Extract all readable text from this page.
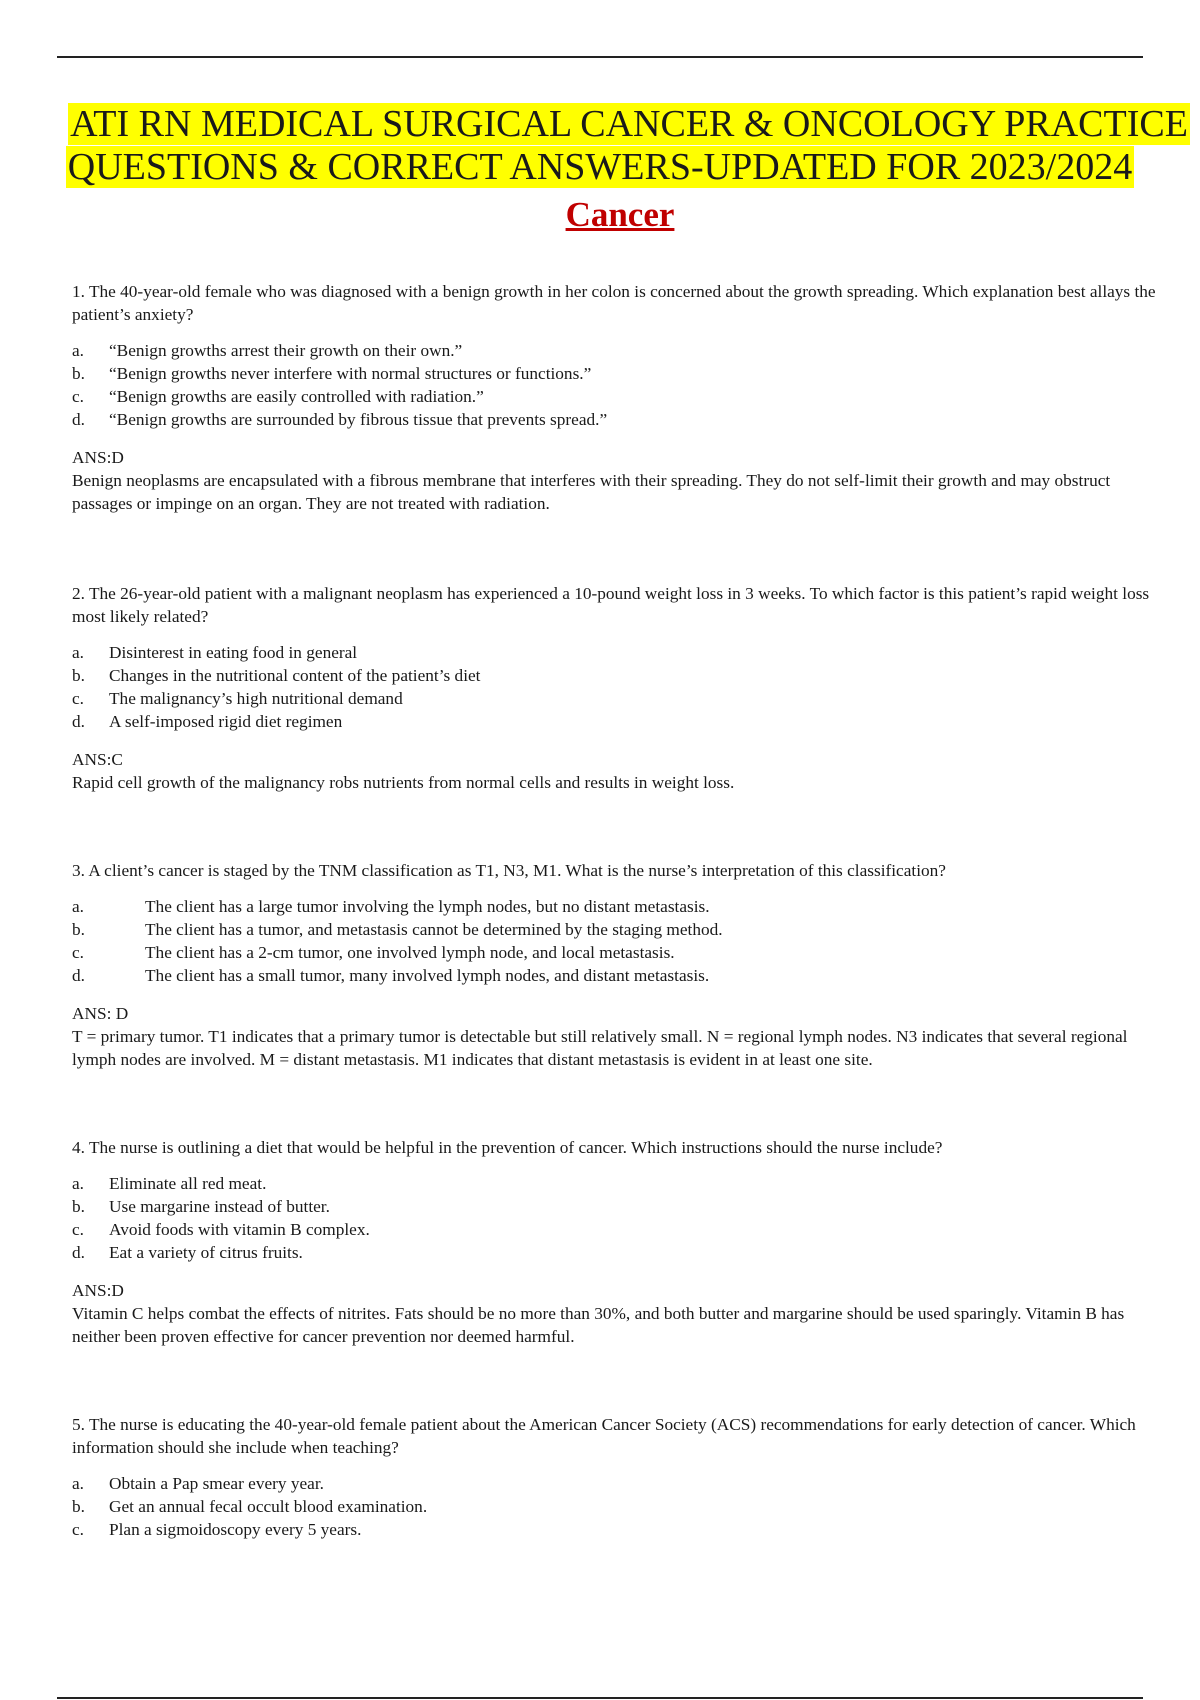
ATI RN MEDICAL SURGICAL CANCER & ONCOLOGY PRACTICE
QUESTIONS & CORRECT ANSWERS-UPDATED FOR 2023/2024
Cancer

1. The 40-year-old female who was diagnosed with a benign growth in her colon is concerned about the growth spreading. Which explanation best allays the patient’s anxiety?

a.	“Benign growths arrest their growth on their own.”
b.	“Benign growths never interfere with normal structures or functions.”
c.	“Benign growths are easily controlled with radiation.”
d.	“Benign growths are surrounded by fibrous tissue that prevents spread.”
ANS: D

Benign neoplasms are encapsulated with a fibrous membrane that interferes with their spreading. They do not self-limit their growth and may obstruct passages or impinge on an organ. They are not treated with radiation.

2. The 26-year-old patient with a malignant neoplasm has experienced a 10-pound weight loss in 3 weeks. To which factor is this patient’s rapid weight loss most likely related?

a.	Disinterest in eating food in general
b.	Changes in the nutritional content of the patient’s diet
c.	The malignancy’s high nutritional demand
d.	A self-imposed rigid diet regimen
ANS: C

Rapid cell growth of the malignancy robs nutrients from normal cells and results in weight loss.

3. A client’s cancer is staged by the TNM classification as T1, N3, M1. What is the nurse’s interpretation of this classification?

a.	The client has a large tumor involving the lymph nodes, but no distant metastasis.
b.	The client has a tumor, and metastasis cannot be determined by the staging method.
c.	The client has a 2-cm tumor, one involved lymph node, and local metastasis.
d.	The client has a small tumor, many involved lymph nodes, and distant metastasis.
ANS: D

T = primary tumor. T1 indicates that a primary tumor is detectable but still relatively small. N = regional lymph nodes. N3 indicates that several regional lymph nodes are involved. M = distant metastasis. M1 indicates that distant metastasis is evident in at least one site.

4. The nurse is outlining a diet that would be helpful in the prevention of cancer. Which instructions should the nurse include?

a.	Eliminate all red meat.
b.	Use margarine instead of butter.
c.	Avoid foods with vitamin B complex.
d.	Eat a variety of citrus fruits.
ANS: D

Vitamin C helps combat the effects of nitrites. Fats should be no more than 30%, and both butter and margarine should be used sparingly. Vitamin B has neither been proven effective for cancer prevention nor deemed harmful.

5. The nurse is educating the 40-year-old female patient about the American Cancer Society (ACS) recommendations for early detection of cancer. Which information should she include when teaching?

a.	Obtain a Pap smear every year.
b.	Get an annual fecal occult blood examination.
c.	Plan a sigmoidoscopy every 5 years.
